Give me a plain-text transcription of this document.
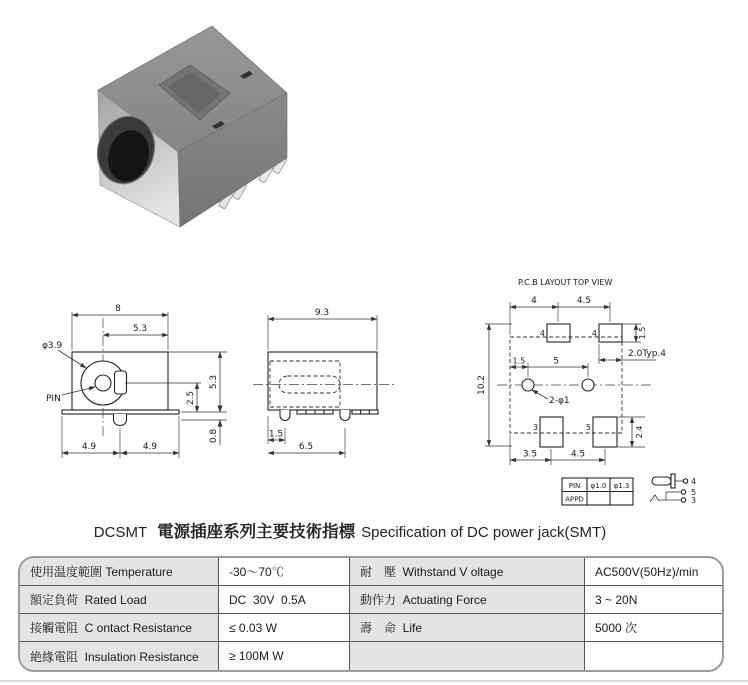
8
5.3
φ3.9
PIN
5.3
2.5
0.8
4.9	4.9
9.3
1.5
6.5
P.C.B LAYOUT TOP VIEW
4	4
3	5
4	4.5
10.2
1.5
2.0Typ.4
1.5	5
2-φ1
2.4
3.5	4.5
PIN φ1.0 φ1.3
APPD
4
5
3
DCSMT 電源插座系列主要技術指標 Specification of DC power jack(SMT)
使用温度範圍 Temperature	-30～70℃	耐　壓  Withstand V oltage	AC500V(50Hz)/min
額定負荷  Rated Load	DC  30V  0.5A	動作力  Actuating Force	3 ~ 20N
接觸電阻  C ontact Resistance	≤ 0.03 W	壽　命  Life	5000 次
絶緣電阻  Insulation Resistance	≥ 100M W
